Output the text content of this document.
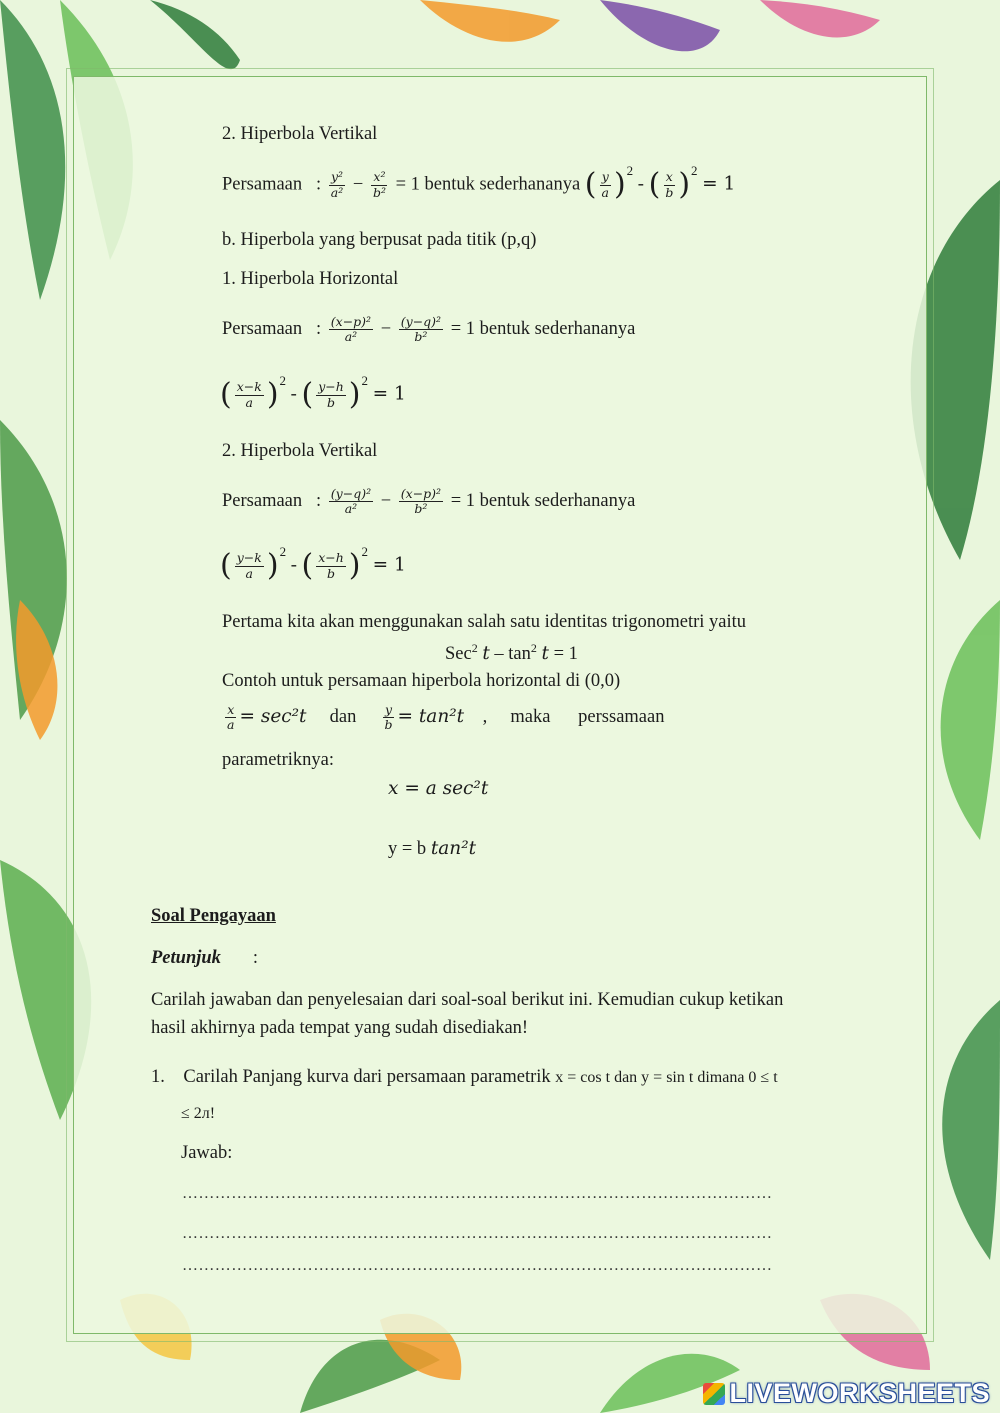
2. Hiperbola Vertikal
Persamaan : $\frac{\text{y²}}{\text{a²}} - \frac{\text{x²}}{\text{b²}} = 1$ bentuk sederhananya ( $\frac{y}{a} )^2$ - ( $\frac{x}{b} )^2 = 1$
b. Hiperbola yang berpusat pada titik (p,q)
1. Hiperbola Horizontal
Persamaan : $\frac{\text{(x−p)²}}{\text{a²}} - \frac{\text{(y−q)²}}{\text{b²}} = 1$ bentuk sederhananya
( $\frac{x-k}{a} )^2$ - ( $\frac{y-h}{b} )^2 = 1$
2. Hiperbola Vertikal
Persamaan : $\frac{\text{(y−q)²}}{\text{a²}} - \frac{\text{(x−p)²}}{\text{b²}} = 1$ bentuk sederhananya
( $\frac{y-k}{a} )^2$ - ( $\frac{x-h}{b} )^2 = 1$
Pertama kita akan menggunakan salah satu identitas trigonometri yaitu
Sec$^2$ $t - \tan^2 t = 1$
Contoh untuk persamaan hiperbola horizontal di (0,0)
$\frac{x}{a} = \sec^2t$ dan $\frac{y}{b} = \tan^2t$ , maka perssamaan
parametriknya:
x = a sec²t
y = b tan²t
Soal Pengayaan
Petunjuk :
Carilah jawaban dan penyelesaian dari soal-soal berikut ini. Kemudian cukup ketikan
hasil akhirnya pada tempat yang sudah disediakan!
1. Carilah Panjang kurva dari persamaan parametrik x = cos t dan y = sin t dimana 0 ≤ t
≤ 2л!
Jawab:
………………………………………………………………………………………………
………………………………………………………………………………………………
………………………………………………………………………………………………
LIVEWORKSHEETS
